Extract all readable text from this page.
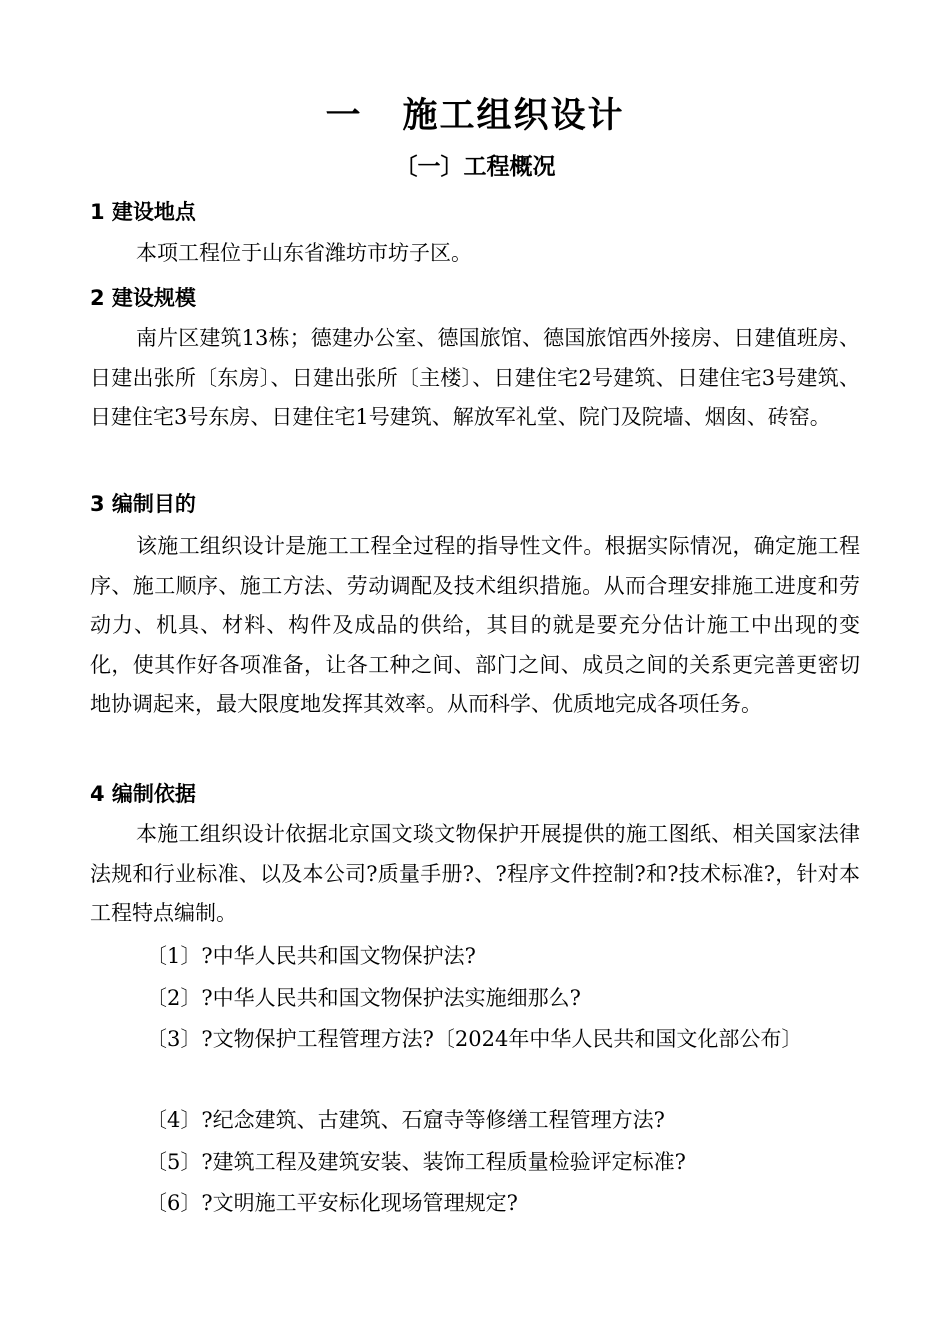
一 施工组织设计
〔一〕工程概况
1 建设地点
本项工程位于山东省潍坊市坊子区。
2 建设规模
南片区建筑13栋；德建办公室、德国旅馆、德国旅馆西外接房、日建值班房、日建出张所〔东房〕、日建出张所〔主楼〕、日建住宅2号建筑、日建住宅3号建筑、日建住宅3号东房、日建住宅1号建筑、解放军礼堂、院门及院墙、烟囱、砖窑。
3 编制目的
该施工组织设计是施工工程全过程的指导性文件。根据实际情况，确定施工程序、施工顺序、施工方法、劳动调配及技术组织措施。从而合理安排施工进度和劳动力、机具、材料、构件及成品的供给，其目的就是要充分估计施工中出现的变化，使其作好各项准备，让各工种之间、部门之间、成员之间的关系更完善更密切地协调起来，最大限度地发挥其效率。从而科学、优质地完成各项任务。
4 编制依据
本施工组织设计依据北京国文琰文物保护开展提供的施工图纸、相关国家法律法规和行业标准、以及本公司?质量手册?、?程序文件控制?和?技术标准?，针对本工程特点编制。
〔1〕?中华人民共和国文物保护法?
〔2〕?中华人民共和国文物保护法实施细那么?
〔3〕?文物保护工程管理方法?〔2024年中华人民共和国文化部公布〕
〔4〕?纪念建筑、古建筑、石窟寺等修缮工程管理方法?
〔5〕?建筑工程及建筑安装、装饰工程质量检验评定标准?
〔6〕?文明施工平安标化现场管理规定?
